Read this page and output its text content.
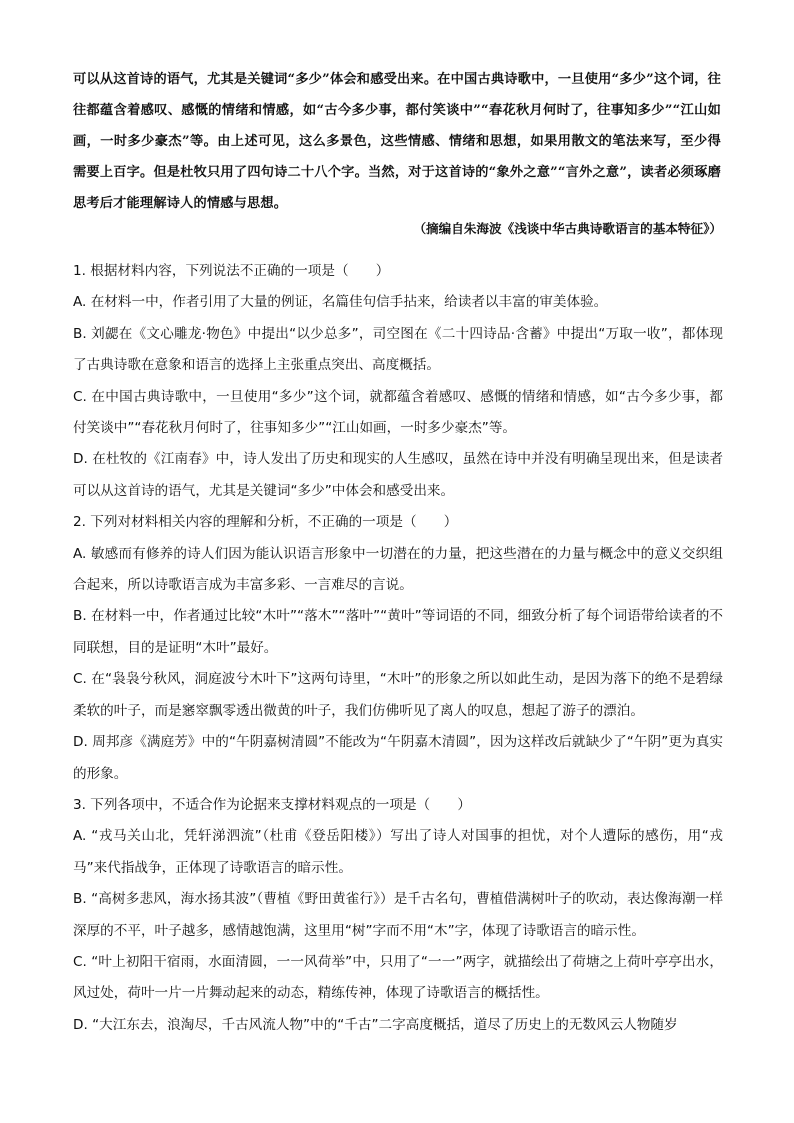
可以从这首诗的语气，尤其是关键词“多少”体会和感受出来。在中国古典诗歌中，一旦使用“多少”这个词，往往都蕴含着感叹、感慨的情绪和情感，如“古今多少事，都付笑谈中”“春花秋月何时了，往事知多少”“江山如画，一时多少豪杰”等。由上述可见，这么多景色，这些情感、情绪和思想，如果用散文的笔法来写，至少得需要上百字。但是杜牧只用了四句诗二十八个字。当然，对于这首诗的“象外之意”“言外之意”，读者必须琢磨思考后才能理解诗人的情感与思想。

（摘编自朱海波《浅谈中华古典诗歌语言的基本特征》）

1. 根据材料内容，下列说法不正确的一项是（　　）

A. 在材料一中，作者引用了大量的例证，名篇佳句信手拈来，给读者以丰富的审美体验。

B. 刘勰在《文心雕龙·物色》中提出“以少总多”，司空图在《二十四诗品·含蓄》中提出“万取一收”，都体现了古典诗歌在意象和语言的选择上主张重点突出、高度概括。

C. 在中国古典诗歌中，一旦使用“多少”这个词，就都蕴含着感叹、感慨的情绪和情感，如“古今多少事，都付笑谈中”“春花秋月何时了，往事知多少”“江山如画，一时多少豪杰”等。

D. 在杜牧的《江南春》中，诗人发出了历史和现实的人生感叹，虽然在诗中并没有明确呈现出来，但是读者可以从这首诗的语气，尤其是关键词“多少”中体会和感受出来。

2. 下列对材料相关内容的理解和分析，不正确的一项是（　　）

A. 敏感而有修养的诗人们因为能认识语言形象中一切潜在的力量，把这些潜在的力量与概念中的意义交织组合起来，所以诗歌语言成为丰富多彩、一言难尽的言说。

B. 在材料一中，作者通过比较“木叶”“落木”“落叶”“黄叶”等词语的不同，细致分析了每个词语带给读者的不同联想，目的是证明“木叶”最好。

C. 在“袅袅兮秋风，洞庭波兮木叶下”这两句诗里，“木叶”的形象之所以如此生动，是因为落下的绝不是碧绿柔软的叶子，而是窸窣飘零透出微黄的叶子，我们仿佛听见了离人的叹息，想起了游子的漂泊。

D. 周邦彦《满庭芳》中的“午阴嘉树清圆”不能改为“午阴嘉木清圆”，因为这样改后就缺少了“午阴”更为真实的形象。

3. 下列各项中，不适合作为论据来支撑材料观点的一项是（　　）

A. “戎马关山北，凭轩涕泗流”（杜甫《登岳阳楼》）写出了诗人对国事的担忧，对个人遭际的感伤，用“戎马”来代指战争，正体现了诗歌语言的暗示性。

B. “高树多悲风，海水扬其波”（曹植《野田黄雀行》）是千古名句，曹植借满树叶子的吹动，表达像海潮一样深厚的不平，叶子越多，感情越饱满，这里用“树”字而不用“木”字，体现了诗歌语言的暗示性。

C. “叶上初阳干宿雨，水面清圆，一一风荷举”中，只用了“一一”两字，就描绘出了荷塘之上荷叶亭亭出水，风过处，荷叶一片一片舞动起来的动态，精练传神，体现了诗歌语言的概括性。

D. “大江东去，浪淘尽，千古风流人物”中的“千古”二字高度概括，道尽了历史上的无数风云人物随岁
